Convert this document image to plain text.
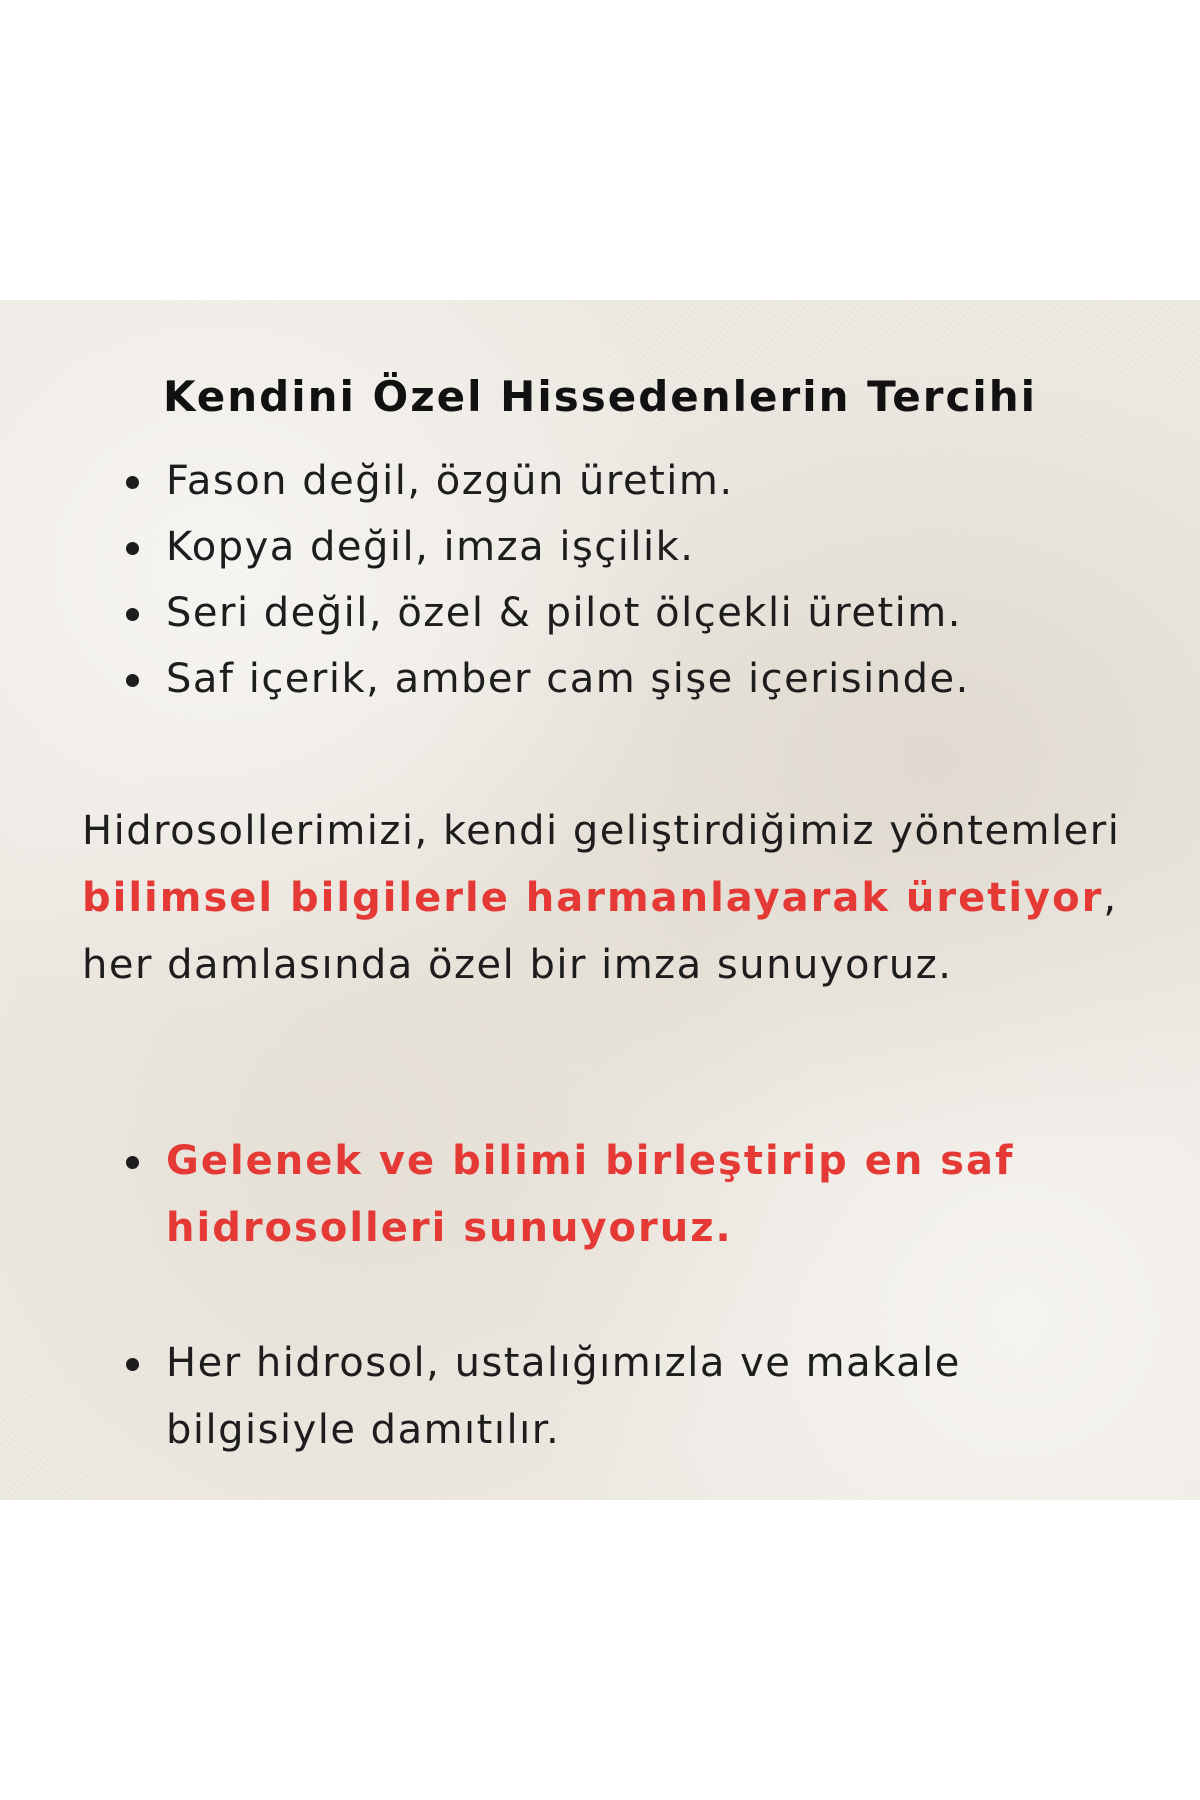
Kendini Özel Hissedenlerin Tercihi
Fason değil, özgün üretim.
Kopya değil, imza işçilik.
Seri değil, özel & pilot ölçekli üretim.
Saf içerik, amber cam şişe içerisinde.

Hidrosollerimizi, kendi geliştirdiğimiz yöntemleri bilimsel bilgilerle harmanlayarak üretiyor, her damlasında özel bir imza sunuyoruz.

Gelenek ve bilimi birleştirip en saf hidrosolleri sunuyoruz.

Her hidrosol, ustalığımızla ve makale bilgisiyle damıtılır.
